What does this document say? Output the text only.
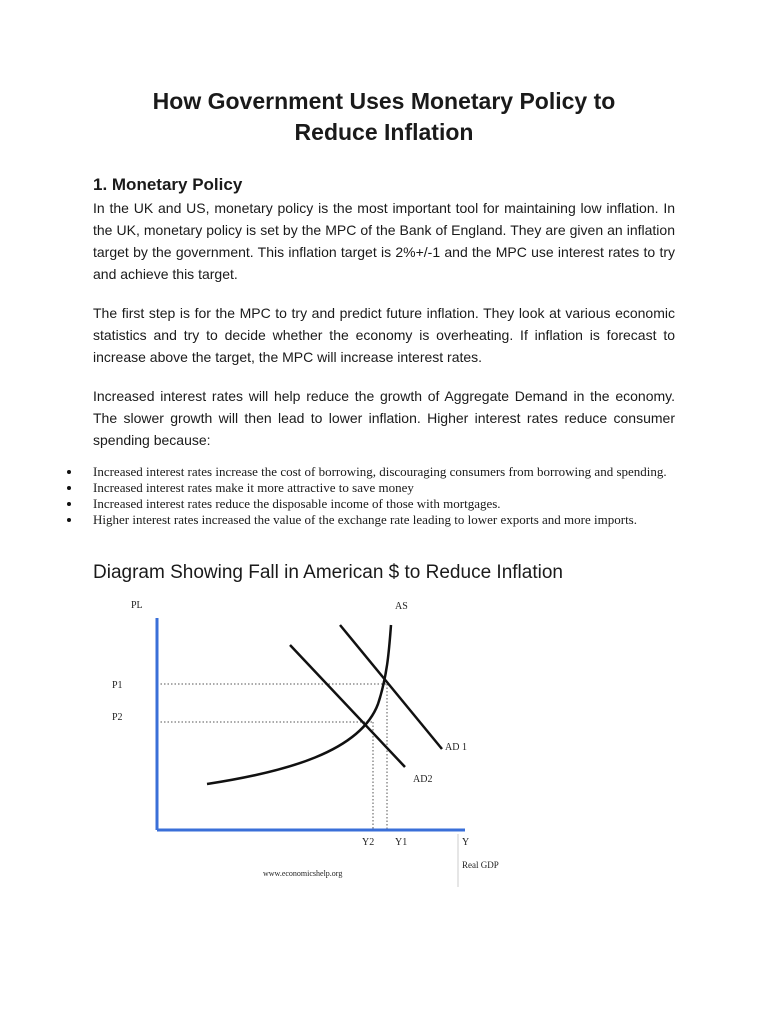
How Government Uses Monetary Policy to
Reduce Inflation
1. Monetary Policy

In the UK and US, monetary policy is the most important tool for maintaining low inflation. In the UK, monetary policy is set by the MPC of the Bank of England. They are given an inflation target by the government. This inflation target is 2%+/-1 and the MPC use interest rates to try and achieve this target.

The first step is for the MPC to try and predict future inflation. They look at various economic statistics and try to decide whether the economy is overheating. If inflation is forecast to increase above the target, the MPC will increase interest rates.

Increased interest rates will help reduce the growth of Aggregate Demand in the economy. The slower growth will then lead to lower inflation. Higher interest rates reduce consumer spending because:

Increased interest rates increase the cost of borrowing, discouraging consumers from borrowing and spending.
Increased interest rates make it more attractive to save money
Increased interest rates reduce the disposable income of those with mortgages.
Higher interest rates increased the value of the exchange rate leading to lower exports and more imports.
Diagram Showing Fall in American $ to Reduce Inflation
PL	AS
AD 1
AD2
P1
P2
Y2 Y1	Y
Real GDP
www.economicshelp.org
